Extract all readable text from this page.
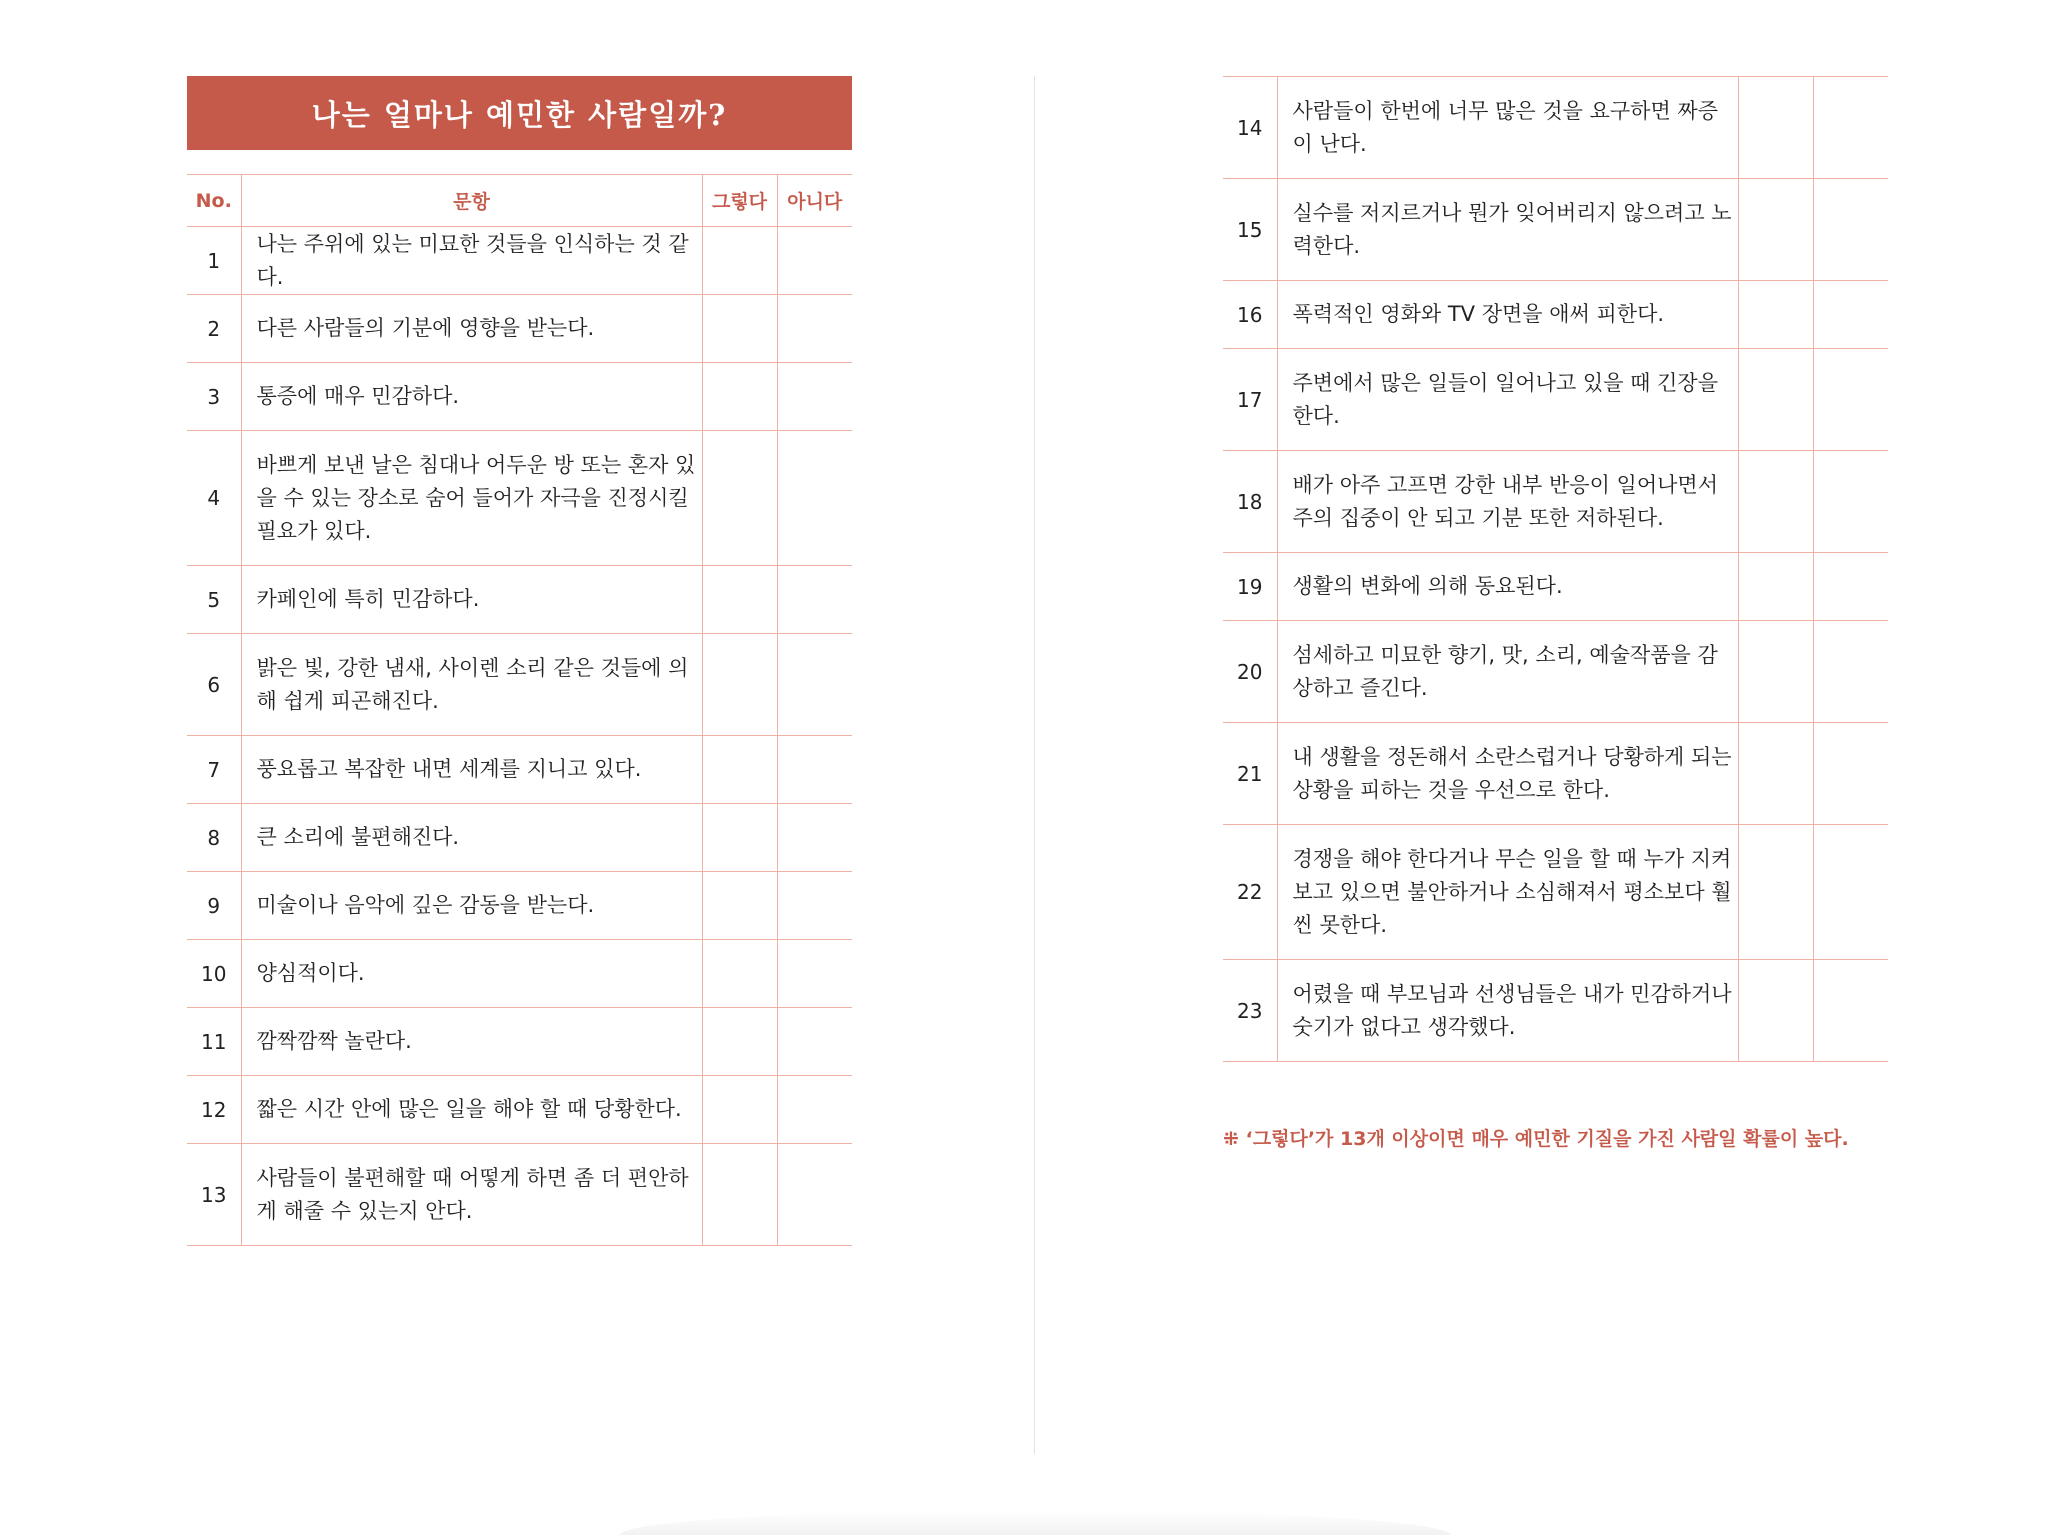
나는 얼마나 예민한 사람일까?
No.	문항	그렇다	아니다
1	나는 주위에 있는 미묘한 것들을 인식하는 것 같다.		
2	다른 사람들의 기분에 영향을 받는다.		
3	통증에 매우 민감하다.		
4	바쁘게 보낸 날은 침대나 어두운 방 또는 혼자 있을 수 있는 장소로 숨어 들어가 자극을 진정시킬 필요가 있다.		
5	카페인에 특히 민감하다.		
6	밝은 빛, 강한 냄새, 사이렌 소리 같은 것들에 의해 쉽게 피곤해진다.		
7	풍요롭고 복잡한 내면 세계를 지니고 있다.		
8	큰 소리에 불편해진다.		
9	미술이나 음악에 깊은 감동을 받는다.		
10	양심적이다.		
11	깜짝깜짝 놀란다.		
12	짧은 시간 안에 많은 일을 해야 할 때 당황한다.		
13	사람들이 불편해할 때 어떻게 하면 좀 더 편안하게 해줄 수 있는지 안다.		
14	사람들이 한번에 너무 많은 것을 요구하면 짜증이 난다.		
15	실수를 저지르거나 뭔가 잊어버리지 않으려고 노력한다.		
16	폭력적인 영화와 TV 장면을 애써 피한다.		
17	주변에서 많은 일들이 일어나고 있을 때 긴장을 한다.		
18	배가 아주 고프면 강한 내부 반응이 일어나면서 주의 집중이 안 되고 기분 또한 저하된다.		
19	생활의 변화에 의해 동요된다.		
20	섬세하고 미묘한 향기, 맛, 소리, 예술작품을 감상하고 즐긴다.		
21	내 생활을 정돈해서 소란스럽거나 당황하게 되는 상황을 피하는 것을 우선으로 한다.		
22	경쟁을 해야 한다거나 무슨 일을 할 때 누가 지켜보고 있으면 불안하거나 소심해져서 평소보다 훨씬 못한다.		
23	어렸을 때 부모님과 선생님들은 내가 민감하거나 숫기가 없다고 생각했다.		
⁜ ‘그렇다’가 13개 이상이면 매우 예민한 기질을 가진 사람일 확률이 높다.
